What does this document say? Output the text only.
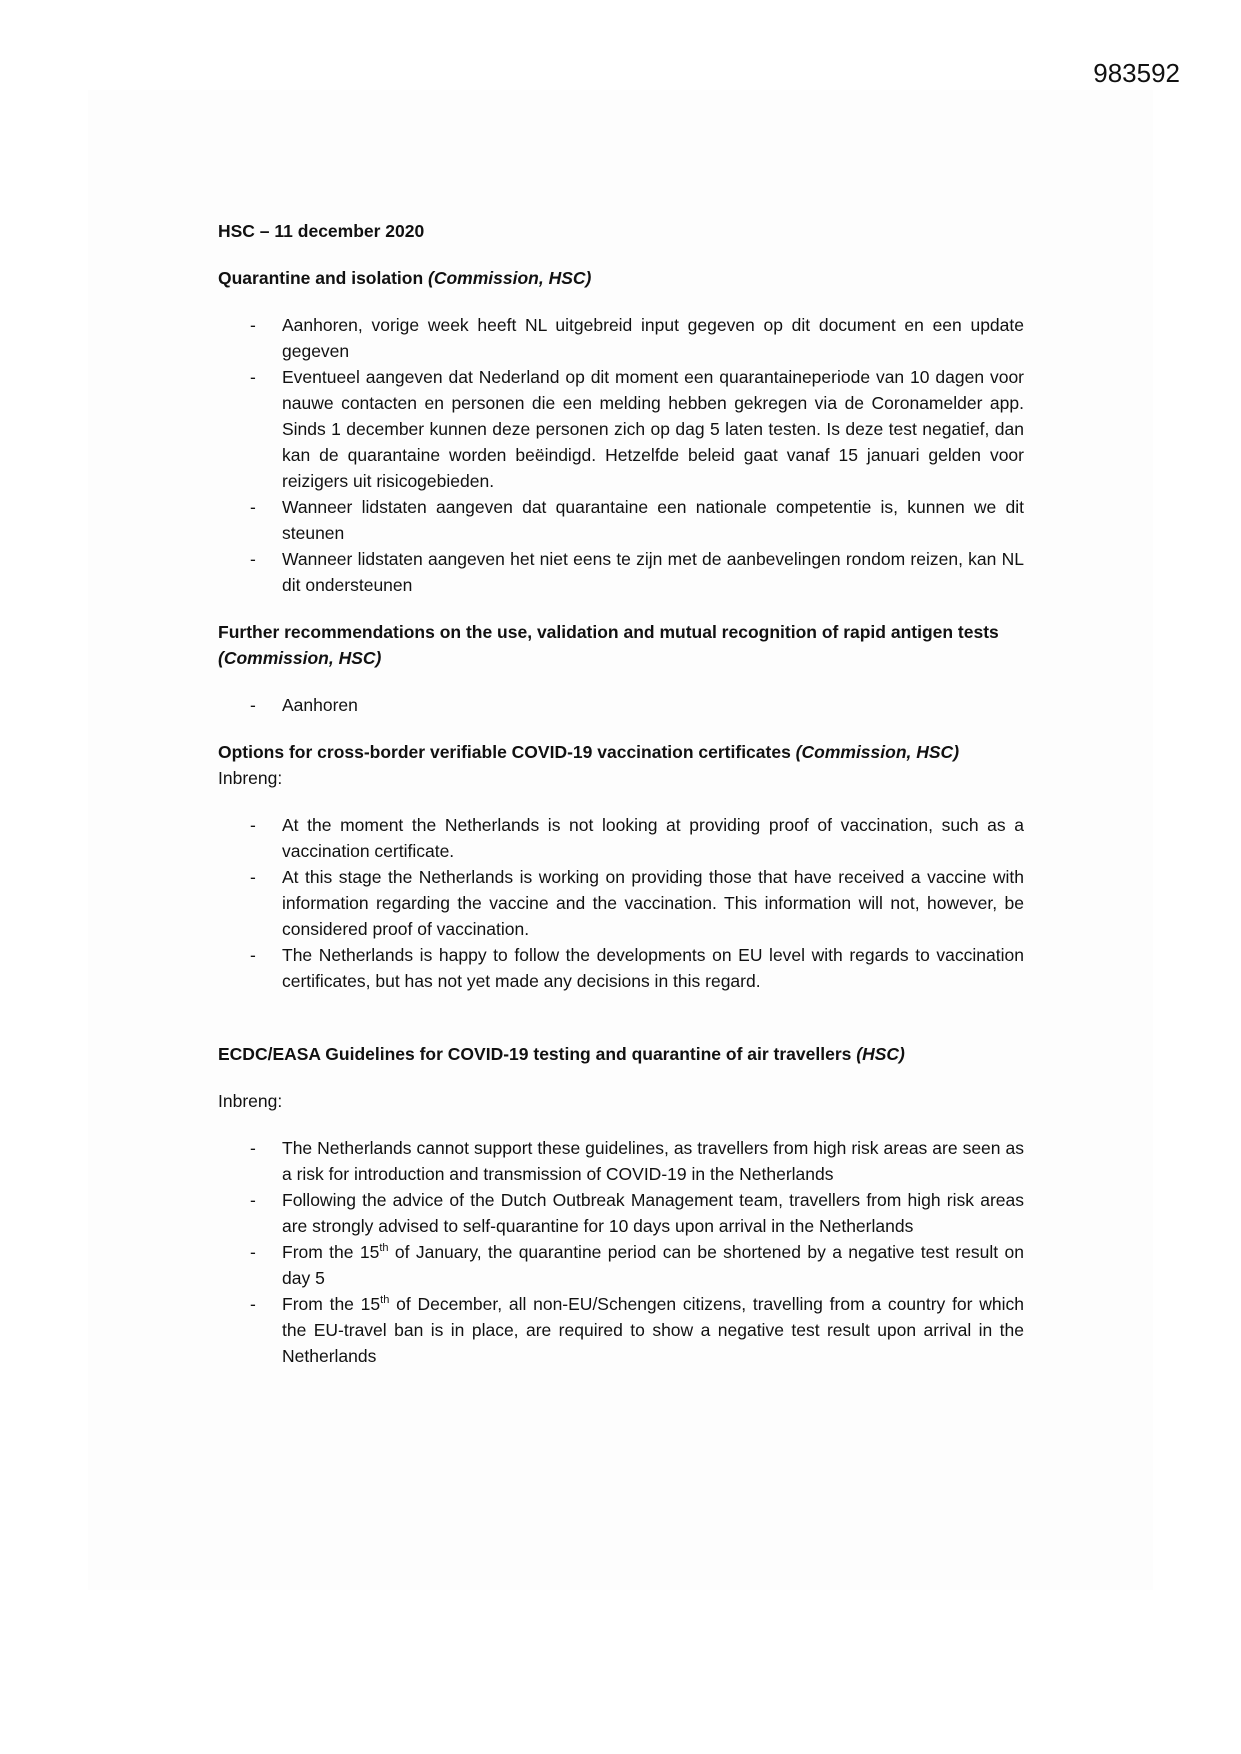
983592

HSC – 11 december 2020

Quarantine and isolation (Commission, HSC)

- Aanhoren, vorige week heeft NL uitgebreid input gegeven op dit document en een update gegeven
- Eventueel aangeven dat Nederland op dit moment een quarantaineperiode van 10 dagen voor nauwe contacten en personen die een melding hebben gekregen via de Coronamelder app. Sinds 1 december kunnen deze personen zich op dag 5 laten testen. Is deze test negatief, dan kan de quarantaine worden beëindigd. Hetzelfde beleid gaat vanaf 15 januari gelden voor reizigers uit risicogebieden.
- Wanneer lidstaten aangeven dat quarantaine een nationale competentie is, kunnen we dit steunen
- Wanneer lidstaten aangeven het niet eens te zijn met de aanbevelingen rondom reizen, kan NL dit ondersteunen

Further recommendations on the use, validation and mutual recognition of rapid antigen tests (Commission, HSC)

- Aanhoren

Options for cross-border verifiable COVID-19 vaccination certificates (Commission, HSC)

Inbreng:

- At the moment the Netherlands is not looking at providing proof of vaccination, such as a vaccination certificate.
- At this stage the Netherlands is working on providing those that have received a vaccine with information regarding the vaccine and the vaccination. This information will not, however, be considered proof of vaccination.
- The Netherlands is happy to follow the developments on EU level with regards to vaccination certificates, but has not yet made any decisions in this regard.

ECDC/EASA Guidelines for COVID-19 testing and quarantine of air travellers (HSC)

Inbreng:

- The Netherlands cannot support these guidelines, as travellers from high risk areas are seen as a risk for introduction and transmission of COVID-19 in the Netherlands
- Following the advice of the Dutch Outbreak Management team, travellers from high risk areas are strongly advised to self-quarantine for 10 days upon arrival in the Netherlands
- From the 15th of January, the quarantine period can be shortened by a negative test result on day 5
- From the 15th of December, all non-EU/Schengen citizens, travelling from a country for which the EU-travel ban is in place, are required to show a negative test result upon arrival in the Netherlands
